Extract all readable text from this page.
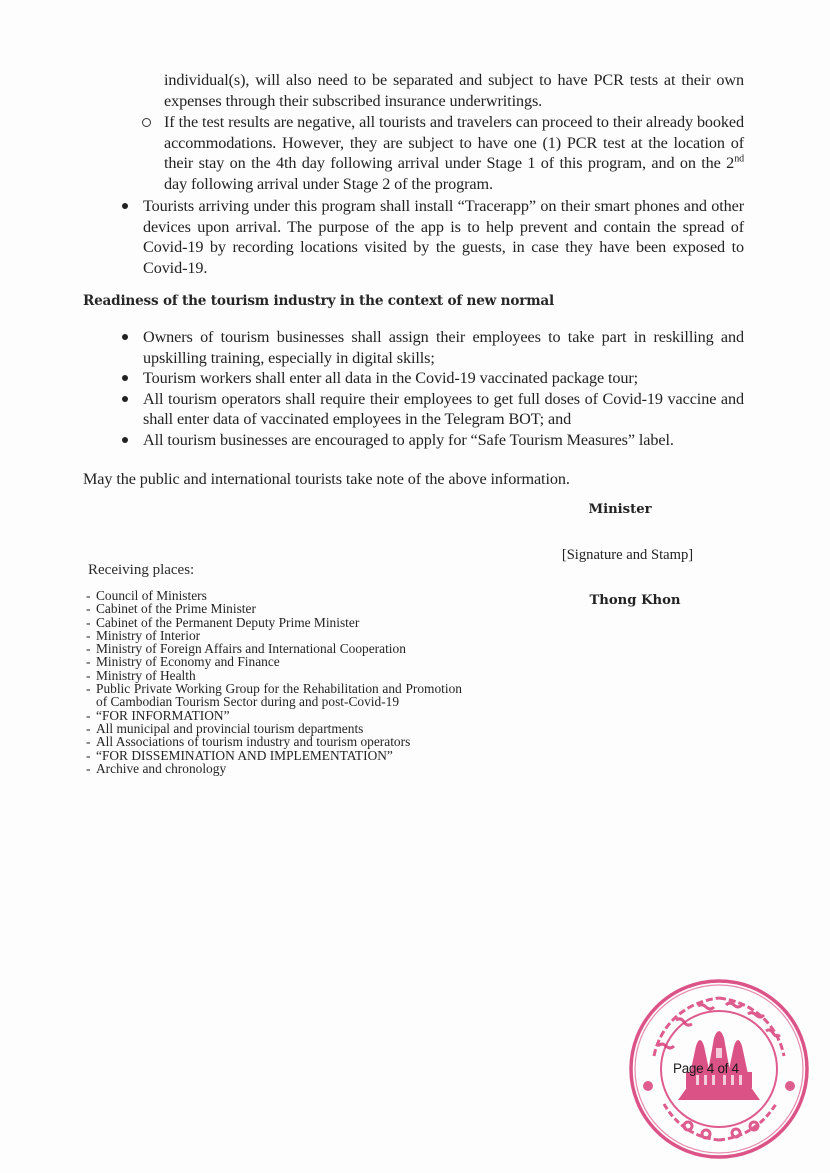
individual(s), will also need to be separated and subject to have PCR tests at their own expenses through their subscribed insurance underwritings.

If the test results are negative, all tourists and travelers can proceed to their already booked accommodations. However, they are subject to have one (1) PCR test at the location of their stay on the 4th day following arrival under Stage 1 of this program, and on the 2nd day following arrival under Stage 2 of the program.
Tourists arriving under this program shall install “Tracerapp” on their smart phones and other devices upon arrival. The purpose of the app is to help prevent and contain the spread of Covid-19 by recording locations visited by the guests, in case they have been exposed to Covid-19.
Readiness of the tourism industry in the context of new normal
Owners of tourism businesses shall assign their employees to take part in reskilling and upskilling training, especially in digital skills;
Tourism workers shall enter all data in the Covid-19 vaccinated package tour;
All tourism operators shall require their employees to get full doses of Covid-19 vaccine and shall enter data of vaccinated employees in the Telegram BOT; and
All tourism businesses are encouraged to apply for “Safe Tourism Measures” label.
May the public and international tourists take note of the above information.
Minister
[Signature and Stamp]
Thong Khon
Receiving places:
- Council of Ministers
- Cabinet of the Prime Minister
- Cabinet of the Permanent Deputy Prime Minister
- Ministry of Interior
- Ministry of Foreign Affairs and International Cooperation
- Ministry of Economy and Finance
- Ministry of Health
- Public Private Working Group for the Rehabilitation and Promotion of Cambodian Tourism Sector during and post-Covid-19
- “FOR INFORMATION”
- All municipal and provincial tourism departments
- All Associations of tourism industry and tourism operators
- “FOR DISSEMINATION AND IMPLEMENTATION”
- Archive and chronology
Page 4 of 4
